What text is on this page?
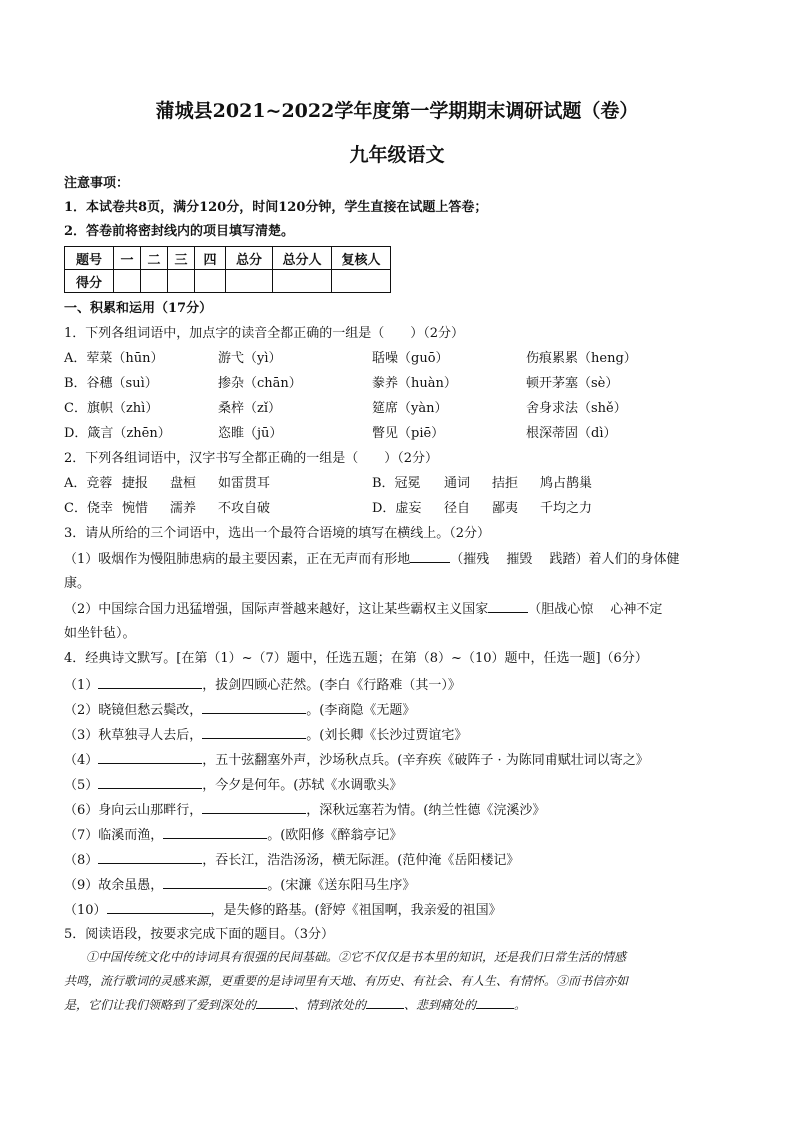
蒲城县2021~2022学年度第一学期期末调研试题（卷）
九年级语文
注意事项：
1．本试卷共8页，满分120分，时间120分钟，学生直接在试题上答卷；
2．答卷前将密封线内的项目填写清楚。
题号	一	二	三	四	总分	总分人	复核人
得分							
一、积累和运用（17分）
1．下列各组词语中，加点字的读音全都正确的一组是（　　）（2分）
A．荤菜（hūn）	游弋（yì）	聒噪（guō）	伤痕累累（heng）
B．谷穗（suì）	掺杂（chān）	豢养（huàn）	顿开茅塞（sè）
C．旗帜（zhì）	桑梓（zǐ）	筵席（yàn）	舍身求法（shě）
D．箴言（zhēn）	恣睢（jū）	瞥见（piē）	根深蒂固（dì）
2．下列各组词语中，汉字书写全都正确的一组是（　　）（2分）
A．竞蓉 捷报 盘桓 如雷贯耳	B．冠冕 通词 拮拒 鸠占鹊巢
C．侥幸 惋惜 濡养 不攻自破	D．虚妄 径自 鄙夷 千均之力
3．请从所给的三个词语中，选出一个最符合语境的填写在横线上。（2分）
（1）吸烟作为慢阻肺患病的最主要因素，正在无声而有形地	（摧残　 摧毁　 践踏）着人们的身体健
康。
（2）中国综合国力迅猛增强，国际声誉越来越好，这让某些霸权主义国家	（胆战心惊　 心神不定
如坐针毡）。
4．经典诗文默写。[在第（1）~（7）题中，任选五题；在第（8）~（10）题中，任选一题]（6分）
（1）	，拔剑四顾心茫然。(李白《行路难（其一）》
（2）晓镜但愁云鬓改，	。(李商隐《无题》
（3）秋草独寻人去后，	。(刘长卿《长沙过贾谊宅》
（4）	，五十弦翻塞外声，沙场秋点兵。(辛弃疾《破阵子 · 为陈同甫赋壮词以寄之》
（5）	，今夕是何年。(苏轼《水调歌头》
（6）身向云山那畔行，	，深秋远塞若为情。(纳兰性德《浣溪沙》
（7）临溪而渔，	。(欧阳修《醉翁亭记》
（8）	，吞长江，浩浩汤汤，横无际涯。(范仲淹《岳阳楼记》
（9）故余虽愚，	。(宋濂《送东阳马生序》
（10）	，是失修的路基。(舒婷《祖国啊，我亲爱的祖国》
5．阅读语段，按要求完成下面的题目。（3分）
①中国传统文化中的诗词具有很强的民间基础。②它不仅仅是书本里的知识，还是我们日常生活的情感
共鸣，流行歌词的灵感来源，更重要的是诗词里有天地、有历史、有社会、有人生、有情怀。③而书信亦如
是，它们让我们领略到了爱到深处的	、情到浓处的	、悲到痛处的	。
